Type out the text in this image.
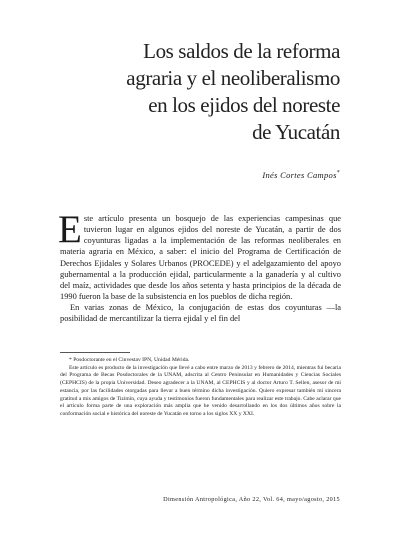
Los saldos de la reforma
agraria y el neoliberalismo
en los ejidos del noreste
de Yucatán
Inés Cortes Campos*

Este artículo presenta un bosquejo de las experiencias campesinas que tuvieron lugar en algunos ejidos del noreste de Yucatán, a partir de dos coyunturas ligadas a la implementación de las reformas neoliberales en materia agraria en México, a saber: el inicio del Programa de Certificación de Derechos Ejidales y Solares Urbanos (PROCEDE) y el adelgazamiento del apoyo gubernamental a la producción ejidal, particularmente a la ganadería y al cultivo del maíz, actividades que desde los años setenta y hasta principios de la década de 1990 fueron la base de la subsistencia en los pueblos de dicha región.

En varias zonas de México, la conjugación de estas dos coyunturas —la posibilidad de mercantilizar la tierra ejidal y el fin del

* Posdoctorante en el Cinvestav IPN, Unidad Mérida.

Este artículo es producto de la investigación que llevé a cabo entre marzo de 2013 y febrero de 2014, mientras fui becaria del Programa de Becas Posdoctorales de la UNAM, adscrita al Centro Peninsular en Humanidades y Ciencias Sociales (CEPHCIS) de la propia Universidad. Deseo agradecer a la UNAM, al CEPHCIS y al doctor Arturo T. Sellen, asesor de mi estancia, por las facilidades otorgadas para llevar a buen término dicha investigación. Quiero expresar también mi sincera gratitud a mis amigos de Tizimín, cuya ayuda y testimonios fueron fundamentales para realizar este trabajo. Cabe aclarar que el artículo forma parte de una exploración más amplia que he venido desarrollando en los dos últimos años sobre la conformación social e histórica del noreste de Yucatán en torno a los siglos XX y XXI.

Dimensión Antropológica, Año 22, Vol. 64, mayo/agosto, 2015
